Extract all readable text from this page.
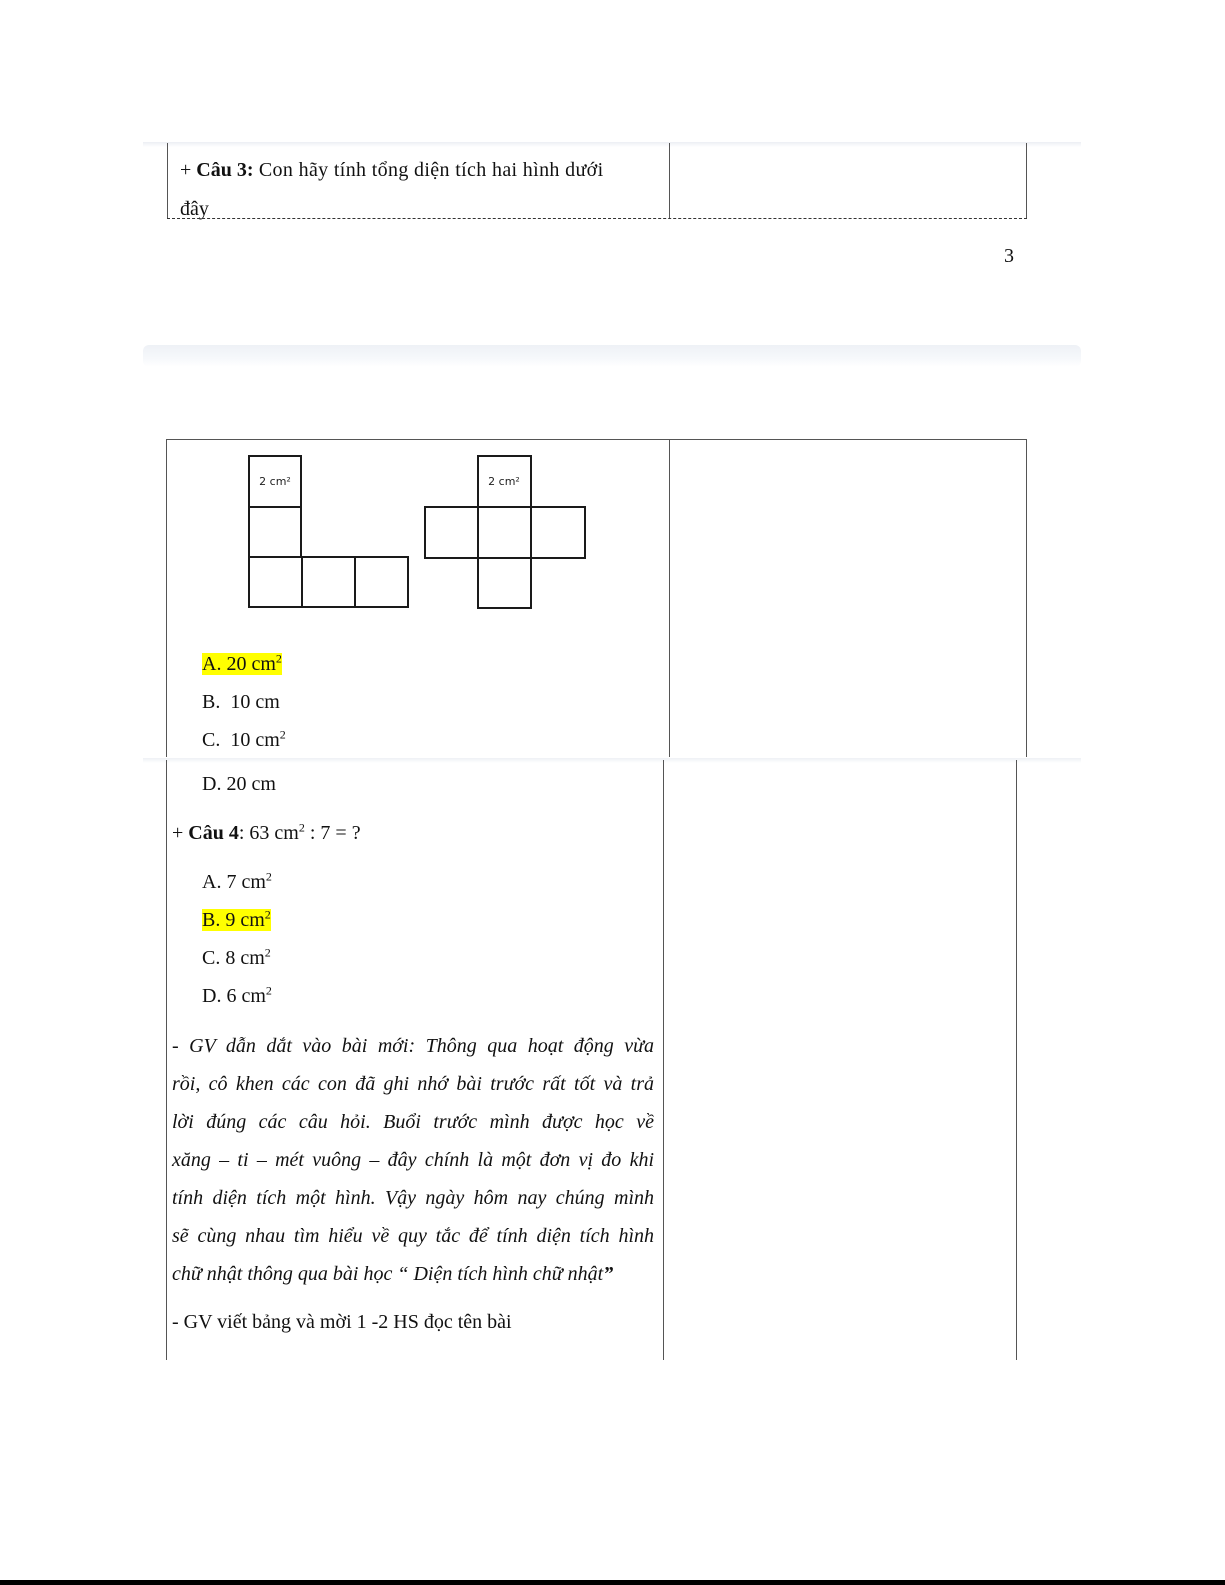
+ Câu 3: Con hãy tính tổng diện tích hai hình dưới
đây
3
2 cm²	2 cm²
A. 20 $cm^2$
B. 10 cm
C. 10 $cm^2$
D. 20 cm
+ Câu 4: 63 $cm^2$ : 7 = ?
A. 7 $cm^2$
B. 9 $cm^2$
C. 8 $cm^2$
D. 6 $cm^2$
- GV dẫn dắt vào bài mới: Thông qua hoạt động vừa
rồi, cô khen các con đã ghi nhớ bài trước rất tốt và trả
lời đúng các câu hỏi. Buổi trước mình được học về
xăng – ti – mét vuông – đây chính là một đơn vị đo khi
tính diện tích một hình. Vậy ngày hôm nay chúng mình
sẽ cùng nhau tìm hiểu về quy tắc để tính diện tích hình
chữ nhật thông qua bài học “ Diện tích hình chữ nhật”
- GV viết bảng và mời 1 -2 HS đọc tên bài
